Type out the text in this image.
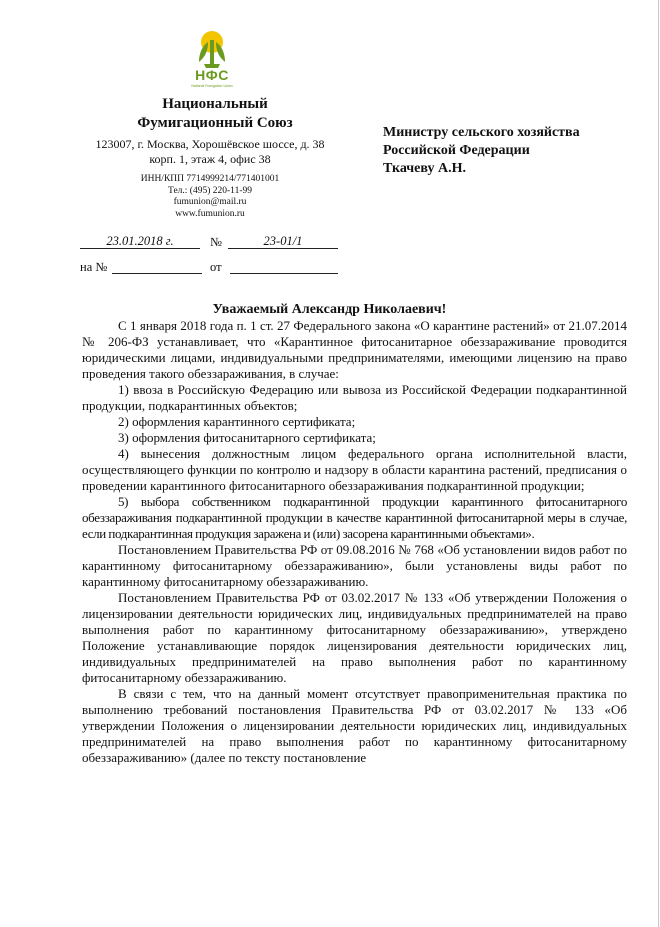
НФС
National Fumigation Union
Национальный
Фумигационный Союз
123007, г. Москва, Хорошёвское шоссе, д. 38
корп. 1, этаж 4, офис 38
ИНН/КПП 7714999214/771401001
Тел.: (495) 220-11-99
fumunion@mail.ru
www.fumunion.ru
Министру сельского хозяйства
Российской Федерации
Ткачеву А.Н.
23.01.2018 г.	№	23-01/1
на №	от
Уважаемый Александр Николаевич!

С 1 января 2018 года п. 1 ст. 27 Федерального закона «О карантине растений» от 21.07.2014 № 206-ФЗ устанавливает, что «Карантинное фитосанитарное обеззараживание проводится юридическими лицами, индивидуальными предпринимателями, имеющими лицензию на право проведения такого обеззараживания, в случае:

1) ввоза в Российскую Федерацию или вывоза из Российской Федерации подкарантинной продукции, подкарантинных объектов;

2) оформления карантинного сертификата;

3) оформления фитосанитарного сертификата;

4) вынесения должностным лицом федерального органа исполнительной власти, осуществляющего функции по контролю и надзору в области карантина растений, предписания о проведении карантинного фитосанитарного обеззараживания подкарантинной продукции;

5) выбора собственником подкарантинной продукции карантинного фитосанитарного обеззараживания подкарантинной продукции в качестве карантинной фитосанитарной меры в случае, если подкарантинная продукция заражена и (или) засорена карантинными объектами».

Постановлением Правительства РФ от 09.08.2016 № 768 «Об установлении видов работ по карантинному фитосанитарному обеззараживанию», были установлены виды работ по карантинному фитосанитарному обеззараживанию.

Постановлением Правительства РФ от 03.02.2017 № 133 «Об утверждении Положения о лицензировании деятельности юридических лиц, индивидуальных предпринимателей на право выполнения работ по карантинному фитосанитарному обеззараживанию», утверждено Положение устанавливающие порядок лицензирования деятельности юридических лиц, индивидуальных предпринимателей на право выполнения работ по карантинному фитосанитарному обеззараживанию.

В связи с тем, что на данный момент отсутствует правоприменительная практика по выполнению требований постановления Правительства РФ от 03.02.2017 № 133 «Об утверждении Положения о лицензировании деятельности юридических лиц, индивидуальных предпринимателей на право выполнения работ по карантинному фитосанитарному обеззараживанию» (далее по тексту постановление
